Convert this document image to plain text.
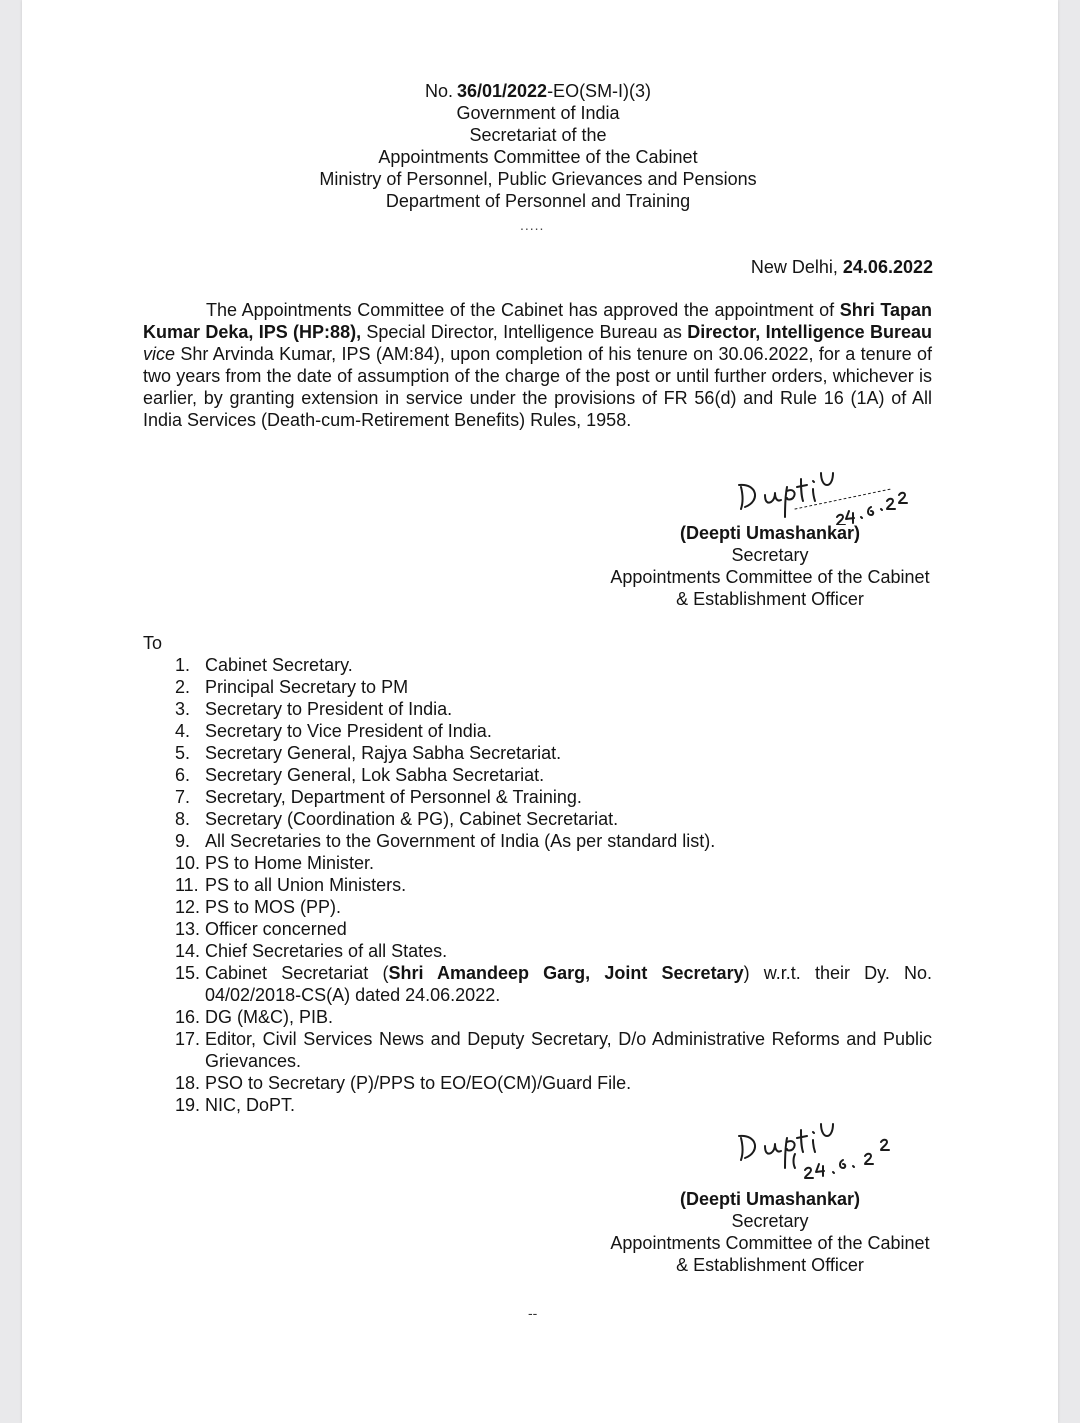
No. 36/01/2022-EO(SM-I)(3)
Government of India
Secretariat of the
Appointments Committee of the Cabinet
Ministry of Personnel, Public Grievances and Pensions
Department of Personnel and Training
.....
New Delhi, 24.06.2022
The Appointments Committee of the Cabinet has approved the appointment of Shri Tapan Kumar Deka, IPS (HP:88), Special Director, Intelligence Bureau as Director, Intelligence Bureau vice Shr Arvinda Kumar, IPS (AM:84), upon completion of his tenure on 30.06.2022, for a tenure of two years from the date of assumption of the charge of the post or until further orders, whichever is earlier, by granting extension in service under the provisions of FR 56(d) and Rule 16 (1A) of All India Services (Death-cum-Retirement Benefits) Rules, 1958.
(Deepti Umashankar)
Secretary
Appointments Committee of the Cabinet
& Establishment Officer
To
1. Cabinet Secretary.
2. Principal Secretary to PM
3. Secretary to President of India.
4. Secretary to Vice President of India.
5. Secretary General, Rajya Sabha Secretariat.
6. Secretary General, Lok Sabha Secretariat.
7. Secretary, Department of Personnel & Training.
8. Secretary (Coordination & PG), Cabinet Secretariat.
9. All Secretaries to the Government of India (As per standard list).
10. PS to Home Minister.
11. PS to all Union Ministers.
12. PS to MOS (PP).
13. Officer concerned
14. Chief Secretaries of all States.
15. Cabinet Secretariat (Shri Amandeep Garg, Joint Secretary) w.r.t. their Dy. No. 04/02/2018-CS(A) dated 24.06.2022.
16. DG (M&C), PIB.
17. Editor, Civil Services News and Deputy Secretary, D/o Administrative Reforms and Public Grievances.
18. PSO to Secretary (P)/PPS to EO/EO(CM)/Guard File.
19. NIC, DoPT.
(Deepti Umashankar)
Secretary
Appointments Committee of the Cabinet
& Establishment Officer
--
